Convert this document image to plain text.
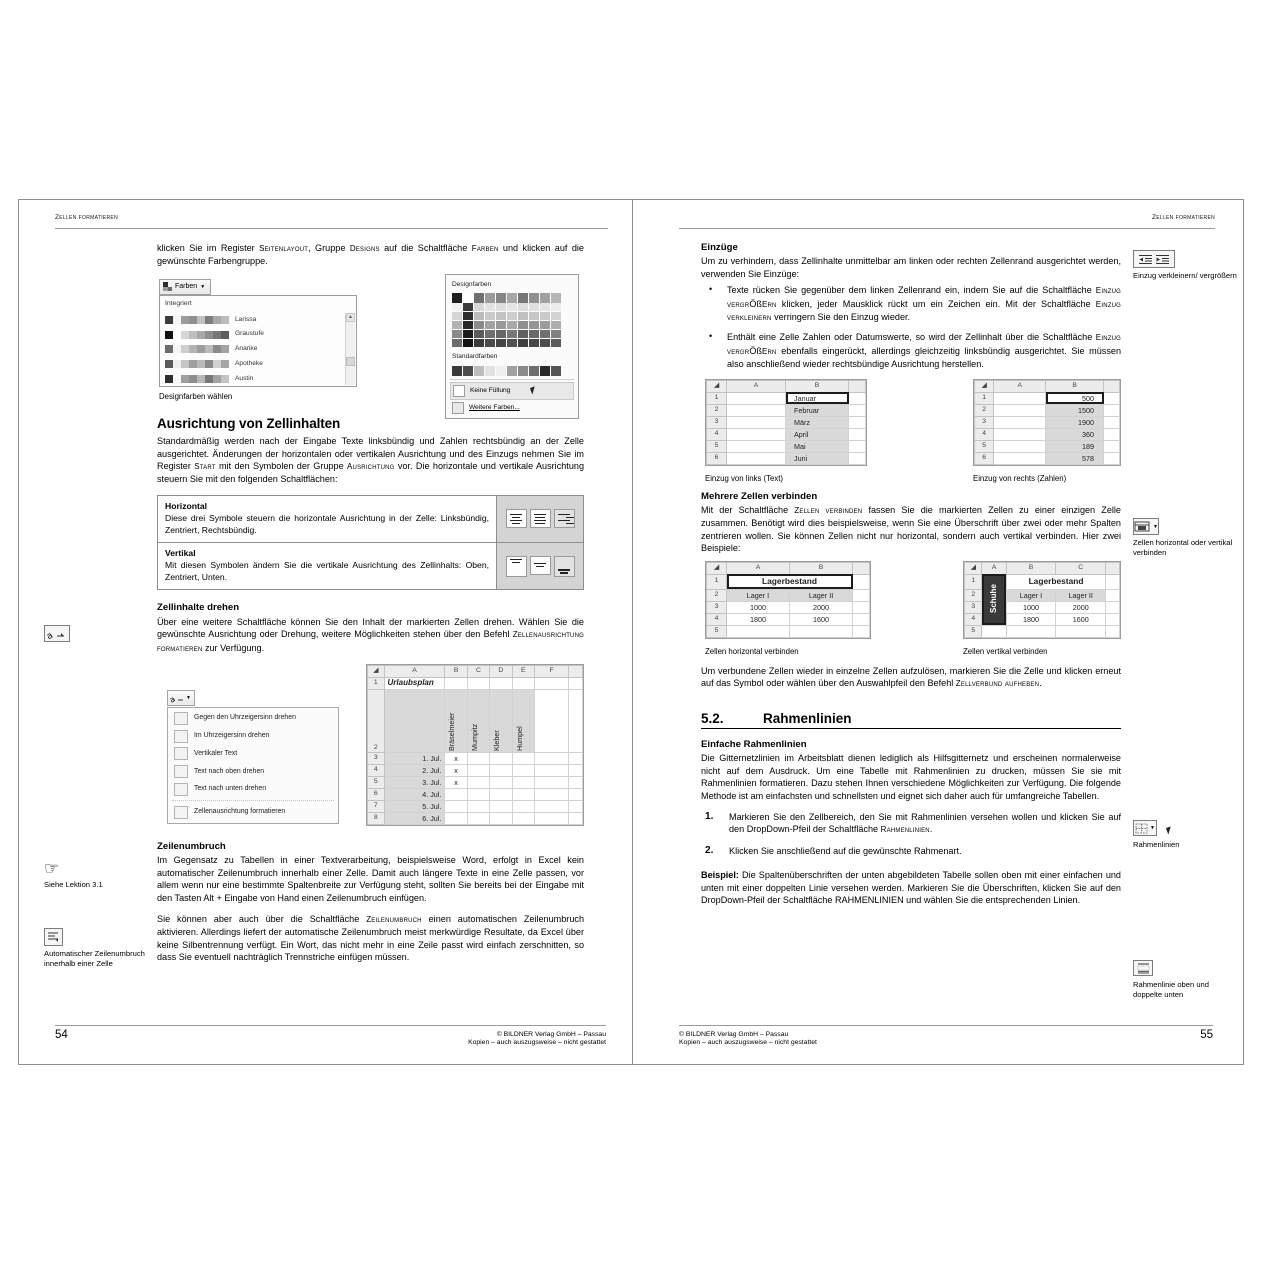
Zellen formatieren
a
☞
Siehe Lektion 3.1
Automatischer Zeilenumbruch innerhalb einer Zelle

klicken Sie im Register Seitenlayout, Gruppe Designs auf die Schaltfläche Farben und klicken auf die gewünschte Farbengruppe.

Farben ▼
Integriert
Larissa
Graustufe
Ananke
Apotheke
Austin
▲
Designfarben wählen
Designfarben
Standardfarben
Keine Füllung
Weitere Farben...
Ausrichtung von Zellinhalten

Standardmäßig werden nach der Eingabe Texte linksbündig und Zahlen rechtsbündig an der Zelle ausgerichtet. Änderungen der horizontalen oder vertikalen Ausrichtung und des Einzugs nehmen Sie im Register Start mit den Symbolen der Gruppe Ausrichtung vor. Die horizontale und vertikale Ausrichtung steuern Sie mit den folgenden Schaltflächen:

Horizontal
Diese drei Symbole steuern die horizontale Ausrichtung in der Zelle: Linksbündig, Zentriert, Rechtsbündig.
Vertikal
Mit diesen Symbolen ändern Sie die vertikale Ausrichtung des Zellinhalts: Oben, Zentriert, Unten.
Zellinhalte drehen

Über eine weitere Schaltfläche können Sie den Inhalt der markierten Zellen drehen. Wählen Sie die gewünschte Ausrichtung oder Drehung, weitere Möglichkeiten stehen über den Befehl Zellenausrichtung formatieren zur Verfügung.

a ▼
Gegen den Uhrzeigersinn drehen
Im Uhrzeigersinn drehen
Vertikaler Text
Text nach oben drehen
Text nach unten drehen
Zellenausrichtung formatieren
◢	A	B	C	D	E	F	
1	Urlaubsplan						
2		Bräselmeier	Mumpitz	Kleber	Humpel		
3	1. Jul.	x					
4	2. Jul.	x					
5	3. Jul.	x					
6	4. Jul.						
7	5. Jul.						
8	6. Jul.						
Zeilenumbruch

Im Gegensatz zu Tabellen in einer Textverarbeitung, beispielsweise Word, erfolgt in Excel kein automatischer Zeilenumbruch innerhalb einer Zelle. Damit auch längere Texte in eine Zelle passen, vor allem wenn nur eine bestimmte Spaltenbreite zur Verfügung steht, sollten Sie bereits bei der Eingabe mit den Tasten Alt + Eingabe von Hand einen Zeilenumbruch einfügen.

Sie können aber auch über die Schaltfläche Zeilenumbruch einen automatischen Zeilenumbruch aktivieren. Allerdings liefert der automatische Zeilenumbruch meist merkwürdige Resultate, da Excel über keine Silbentrennung verfügt. Ein Wort, das nicht mehr in eine Zeile passt wird einfach zerschnitten, so dass Sie eventuell nachträglich Trennstriche einfügen müssen.

54	© BILDNER Verlag GmbH – Passau
Kopien – auch auszugsweise – nicht gestattet
Zellen formatieren
Einzug verkleinern/ vergrößern
▼
Zellen horizontal oder vertikal verbinden
▼

Rahmenlinien
Rahmenlinie oben und doppelte unten
Einzüge

Um zu verhindern, dass Zellinhalte unmittelbar am linken oder rechten Zellenrand ausgerichtet werden, verwenden Sie Einzüge:

• Texte rücken Sie gegenüber dem linken Zellenrand ein, indem Sie auf die Schaltfläche Einzug vergrÖßErn klicken, jeder Mausklick rückt um ein Zeichen ein. Mit der Schaltfläche Einzug verkleinern verringern Sie den Einzug wieder.
• Enthält eine Zelle Zahlen oder Datumswerte, so wird der Zellinhalt über die Schaltfläche Einzug vergrÖßErn ebenfalls eingerückt, allerdings gleichzeitig linksbündig ausgerichtet. Sie müssen also anschließend wieder rechtsbündige Ausrichtung herstellen.
◢	A	B	
1		Januar	
2		Februar	
3		März	
4		April	
5		Mai	
6		Juni	
Einzug von links (Text)
◢	A	B	
1		500	
2		1500	
3		1900	
4		360	
5		189	
6		578	
Einzug von rechts (Zahlen)
Mehrere Zellen verbinden

Mit der Schaltfläche Zellen verbinden fassen Sie die markierten Zellen zu einer einzigen Zelle zusammen. Benötigt wird dies beispielsweise, wenn Sie eine Überschrift über zwei oder mehr Spalten zentrieren wollen. Sie können Zellen nicht nur horizontal, sondern auch vertikal verbinden. Hier zwei Beispiele:

◢	A	B	
1	Lagerbestand		
2	Lager I	Lager II	
3	1000	2000	
4	1800	1600	
5			
Zellen horizontal verbinden
◢	A	B	C	
1	Schuhe	Lagerbestand		
2		Lager I	Lager II	
3		1000	2000	
4		1800	1600	
5				
Zellen vertikal verbinden

Um verbundene Zellen wieder in einzelne Zellen aufzulösen, markieren Sie die Zelle und klicken erneut auf das Symbol oder wählen über den Auswahlpfeil den Befehl Zellverbund aufheben.

5.2.	Rahmenlinien
Einfache Rahmenlinien

Die Gitternetzlinien im Arbeitsblatt dienen lediglich als Hilfsgitternetz und erscheinen normalerweise nicht auf dem Ausdruck. Um eine Tabelle mit Rahmenlinien zu drucken, müssen Sie sie mit Rahmenlinien formatieren. Dazu stehen Ihnen verschiedene Möglichkeiten zur Verfügung. Die folgende Methode ist am einfachsten und schnellsten und eignet sich daher auch für umfangreiche Tabellen.

Markieren Sie den Zellbereich, den Sie mit Rahmenlinien versehen wollen und klicken Sie auf den DropDown-Pfeil der Schaltfläche Rahmenlinien.
Klicken Sie anschließend auf die gewünschte Rahmenart.

Beispiel: Die Spaltenüberschriften der unten abgebildeten Tabelle sollen oben mit einer einfachen und unten mit einer doppelten Linie versehen werden. Markieren Sie die Überschriften, klicken Sie auf den DropDown-Pfeil der Schaltfläche RAHMENLINIEN und wählen Sie die entsprechenden Linien.

© BILDNER Verlag GmbH – Passau
Kopien – auch auszugsweise – nicht gestattet
55
